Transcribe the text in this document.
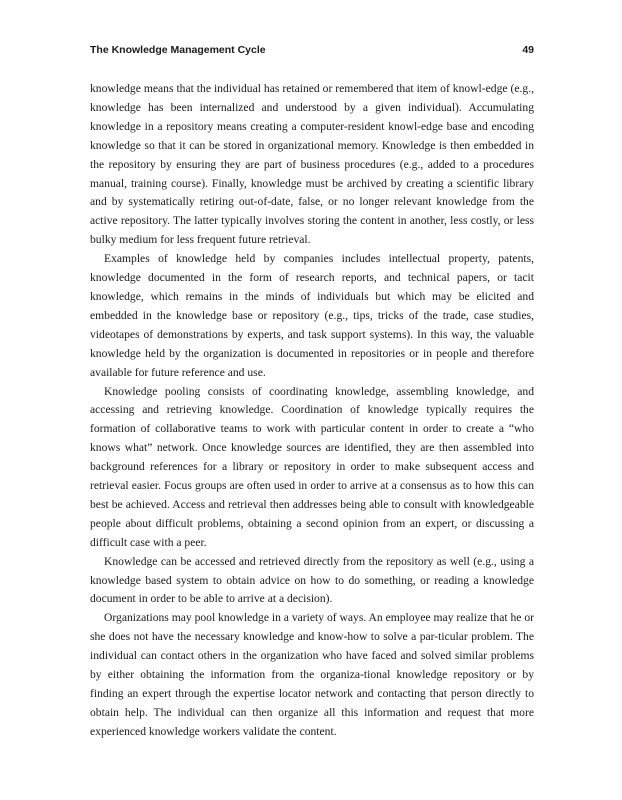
The Knowledge Management Cycle	49

knowledge means that the individual has retained or remembered that item of knowl-edge (e.g., knowledge has been internalized and understood by a given individual). Accumulating knowledge in a repository means creating a computer-resident knowl-edge base and encoding knowledge so that it can be stored in organizational memory. Knowledge is then embedded in the repository by ensuring they are part of business procedures (e.g., added to a procedures manual, training course). Finally, knowledge must be archived by creating a scientific library and by systematically retiring out-of-date, false, or no longer relevant knowledge from the active repository. The latter typically involves storing the content in another, less costly, or less bulky medium for less frequent future retrieval.

Examples of knowledge held by companies includes intellectual property, patents, knowledge documented in the form of research reports, and technical papers, or tacit knowledge, which remains in the minds of individuals but which may be elicited and embedded in the knowledge base or repository (e.g., tips, tricks of the trade, case studies, videotapes of demonstrations by experts, and task support systems). In this way, the valuable knowledge held by the organization is documented in repositories or in people and therefore available for future reference and use.

Knowledge pooling consists of coordinating knowledge, assembling knowledge, and accessing and retrieving knowledge. Coordination of knowledge typically requires the formation of collaborative teams to work with particular content in order to create a “who knows what” network. Once knowledge sources are identified, they are then assembled into background references for a library or repository in order to make subsequent access and retrieval easier. Focus groups are often used in order to arrive at a consensus as to how this can best be achieved. Access and retrieval then addresses being able to consult with knowledgeable people about difficult problems, obtaining a second opinion from an expert, or discussing a difficult case with a peer.

Knowledge can be accessed and retrieved directly from the repository as well (e.g., using a knowledge based system to obtain advice on how to do something, or reading a knowledge document in order to be able to arrive at a decision).

Organizations may pool knowledge in a variety of ways. An employee may realize that he or she does not have the necessary knowledge and know-how to solve a par-ticular problem. The individual can contact others in the organization who have faced and solved similar problems by either obtaining the information from the organiza-tional knowledge repository or by finding an expert through the expertise locator network and contacting that person directly to obtain help. The individual can then organize all this information and request that more experienced knowledge workers validate the content.
